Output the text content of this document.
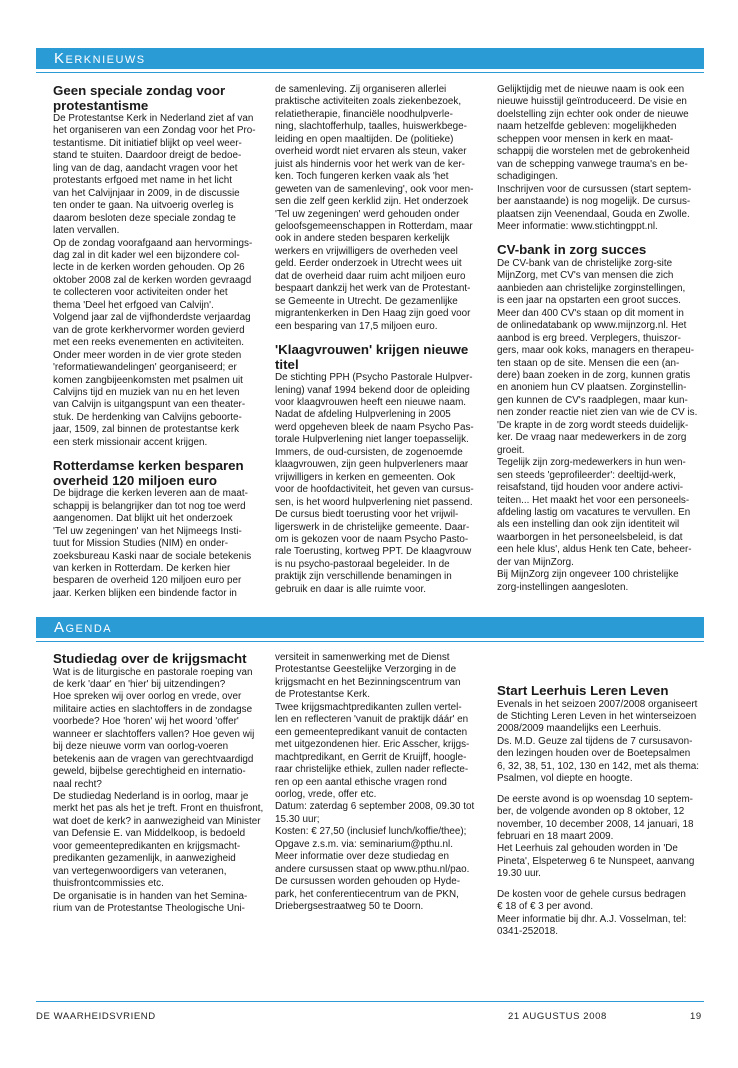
Kerknieuws
Geen speciale zondag voor
protestantisme

De Protestantse Kerk in Nederland ziet af van
het organiseren van een Zondag voor het Pro-
testantisme. Dit initiatief blijkt op veel weer-
stand te stuiten. Daardoor dreigt de bedoe-
ling van de dag, aandacht vragen voor het
protestants erfgoed met name in het licht
van het Calvijnjaar in 2009, in de discussie
ten onder te gaan. Na uitvoerig overleg is
daarom besloten deze speciale zondag te
laten vervallen.
Op de zondag voorafgaand aan hervormings-
dag zal in dit kader wel een bijzondere col-
lecte in de kerken worden gehouden. Op 26
oktober 2008 zal de kerken worden gevraagd
te collecteren voor activiteiten onder het
thema 'Deel het erfgoed van Calvijn'.
Volgend jaar zal de vijfhonderdste verjaardag
van de grote kerkhervormer worden gevierd
met een reeks evenementen en activiteiten.
Onder meer worden in de vier grote steden
'reformatiewandelingen' georganiseerd; er
komen zangbijeenkomsten met psalmen uit
Calvijns tijd en muziek van nu en het leven
van Calvijn is uitgangspunt van een theater-
stuk. De herdenking van Calvijns geboorte-
jaar, 1509, zal binnen de protestantse kerk
een sterk missionair accent krijgen.

Rotterdamse kerken besparen
overheid 120 miljoen euro

De bijdrage die kerken leveren aan de maat-
schappij is belangrijker dan tot nog toe werd
aangenomen. Dat blijkt uit het onderzoek
'Tel uw zegeningen' van het Nijmeegs Insti-
tuut for Mission Studies (NIM) en onder-
zoeksbureau Kaski naar de sociale betekenis
van kerken in Rotterdam. De kerken hier
besparen de overheid 120 miljoen euro per
jaar. Kerken blijken een bindende factor in

de samenleving. Zij organiseren allerlei
praktische activiteiten zoals ziekenbezoek,
relatietherapie, financiële noodhulpverle-
ning, slachtofferhulp, taalles, huiswerkbege-
leiding en open maaltijden. De (politieke)
overheid wordt niet ervaren als steun, vaker
juist als hindernis voor het werk van de ker-
ken. Toch fungeren kerken vaak als 'het
geweten van de samenleving', ook voor men-
sen die zelf geen kerklid zijn. Het onderzoek
'Tel uw zegeningen' werd gehouden onder
geloofsgemeenschappen in Rotterdam, maar
ook in andere steden besparen kerkelijk
werkers en vrijwilligers de overheden veel
geld. Eerder onderzoek in Utrecht wees uit
dat de overheid daar ruim acht miljoen euro
bespaart dankzij het werk van de Protestant-
se Gemeente in Utrecht. De gezamenlijke
migrantenkerken in Den Haag zijn goed voor
een besparing van 17,5 miljoen euro.

'Klaagvrouwen' krijgen nieuwe
titel

De stichting PPH (Psycho Pastorale Hulpver-
lening) vanaf 1994 bekend door de opleiding
voor klaagvrouwen heeft een nieuwe naam.
Nadat de afdeling Hulpverlening in 2005
werd opgeheven bleek de naam Psycho Pas-
torale Hulpverlening niet langer toepasselijk.
Immers, de oud-cursisten, de zogenoemde
klaagvrouwen, zijn geen hulpverleners maar
vrijwilligers in kerken en gemeenten. Ook
voor de hoofdactiviteit, het geven van cursus-
sen, is het woord hulpverlening niet passend.
De cursus biedt toerusting voor het vrijwil-
ligerswerk in de christelijke gemeente. Daar-
om is gekozen voor de naam Psycho Pasto-
rale Toerusting, kortweg PPT. De klaagvrouw
is nu psycho-pastoraal begeleider. In de
praktijk zijn verschillende benamingen in
gebruik en daar is alle ruimte voor.

Gelijktijdig met de nieuwe naam is ook een
nieuwe huisstijl geïntroduceerd. De visie en
doelstelling zijn echter ook onder de nieuwe
naam hetzelfde gebleven: mogelijkheden
scheppen voor mensen in kerk en maat-
schappij die worstelen met de gebrokenheid
van de schepping vanwege trauma's en be-
schadigingen.
Inschrijven voor de cursussen (start septem-
ber aanstaande) is nog mogelijk. De cursus-
plaatsen zijn Veenendaal, Gouda en Zwolle.
Meer informatie: www.stichtingppt.nl.

CV-bank in zorg succes

De CV-bank van de christelijke zorg-site
MijnZorg, met CV's van mensen die zich
aanbieden aan christelijke zorginstellingen,
is een jaar na opstarten een groot succes.
Meer dan 400 CV's staan op dit moment in
de onlinedatabank op www.mijnzorg.nl. Het
aanbod is erg breed. Verplegers, thuiszor-
gers, maar ook koks, managers en therapeu-
ten staan op de site. Mensen die een (an-
dere) baan zoeken in de zorg, kunnen gratis
en anoniem hun CV plaatsen. Zorginstellin-
gen kunnen de CV's raadplegen, maar kun-
nen zonder reactie niet zien van wie de CV is.
'De krapte in de zorg wordt steeds duidelijk-
ker. De vraag naar medewerkers in de zorg
groeit.
Tegelijk zijn zorg-medewerkers in hun wen-
sen steeds 'geprofileerder': deeltijd-werk,
reisafstand, tijd houden voor andere activi-
teiten... Het maakt het voor een personeels-
afdeling lastig om vacatures te vervullen. En
als een instelling dan ook zijn identiteit wil
waarborgen in het personeelsbeleid, is dat
een hele klus', aldus Henk ten Cate, beheer-
der van MijnZorg.
Bij MijnZorg zijn ongeveer 100 christelijke
zorg-instellingen aangesloten.

Agenda
Studiedag over de krijgsmacht

Wat is de liturgische en pastorale roeping van
de kerk 'daar' en 'hier' bij uitzendingen?
Hoe spreken wij over oorlog en vrede, over
militaire acties en slachtoffers in de zondagse
voorbede? Hoe 'horen' wij het woord 'offer'
wanneer er slachtoffers vallen? Hoe geven wij
bij deze nieuwe vorm van oorlog-voeren
betekenis aan de vragen van gerechtvaardigd
geweld, bijbelse gerechtigheid en internatio-
naal recht?
De studiedag Nederland is in oorlog, maar je
merkt het pas als het je treft. Front en thuisfront,
wat doet de kerk? in aanwezigheid van Minister
van Defensie E. van Middelkoop, is bedoeld
voor gemeentepredikanten en krijgsmacht-
predikanten gezamenlijk, in aanwezigheid
van vertegenwoordigers van veteranen,
thuisfrontcommissies etc.
De organisatie is in handen van het Semina-
rium van de Protestantse Theologische Uni-

versiteit in samenwerking met de Dienst
Protestantse Geestelijke Verzorging in de
krijgsmacht en het Bezinningscentrum van
de Protestantse Kerk.
Twee krijgsmachtpredikanten zullen vertel-
len en reflecteren 'vanuit de praktijk dáár' en
een gemeentepredikant vanuit de contacten
met uitgezondenen hier. Eric Asscher, krijgs-
machtpredikant, en Gerrit de Kruijff, hoogle-
raar christelijke ethiek, zullen nader reflecte-
ren op een aantal ethische vragen rond
oorlog, vrede, offer etc.
Datum: zaterdag 6 september 2008, 09.30 tot
15.30 uur;
Kosten: € 27,50 (inclusief lunch/koffie/thee);
Opgave z.s.m. via: seminarium@pthu.nl.
Meer informatie over deze studiedag en
andere cursussen staat op www.pthu.nl/pao.
De cursussen worden gehouden op Hyde-
park, het conferentiecentrum van de PKN,
Driebergsestraatweg 50 te Doorn.

Start Leerhuis Leren Leven

Evenals in het seizoen 2007/2008 organiseert
de Stichting Leren Leven in het winterseizoen
2008/2009 maandelijks een Leerhuis.
Ds. M.D. Geuze zal tijdens de 7 cursusavon-
den lezingen houden over de Boetepsalmen
6, 32, 38, 51, 102, 130 en 142, met als thema:
Psalmen, vol diepte en hoogte.

De eerste avond is op woensdag 10 septem-
ber, de volgende avonden op 8 oktober, 12
november, 10 december 2008, 14 januari, 18
februari en 18 maart 2009.
Het Leerhuis zal gehouden worden in 'De
Pineta', Elspeterweg 6 te Nunspeet, aanvang
19.30 uur.

De kosten voor de gehele cursus bedragen
€ 18 of € 3 per avond.
Meer informatie bij dhr. A.J. Vosselman, tel:
0341-252018.

DE WAARHEIDSVRIEND	21 AUGUSTUS 2008	19
